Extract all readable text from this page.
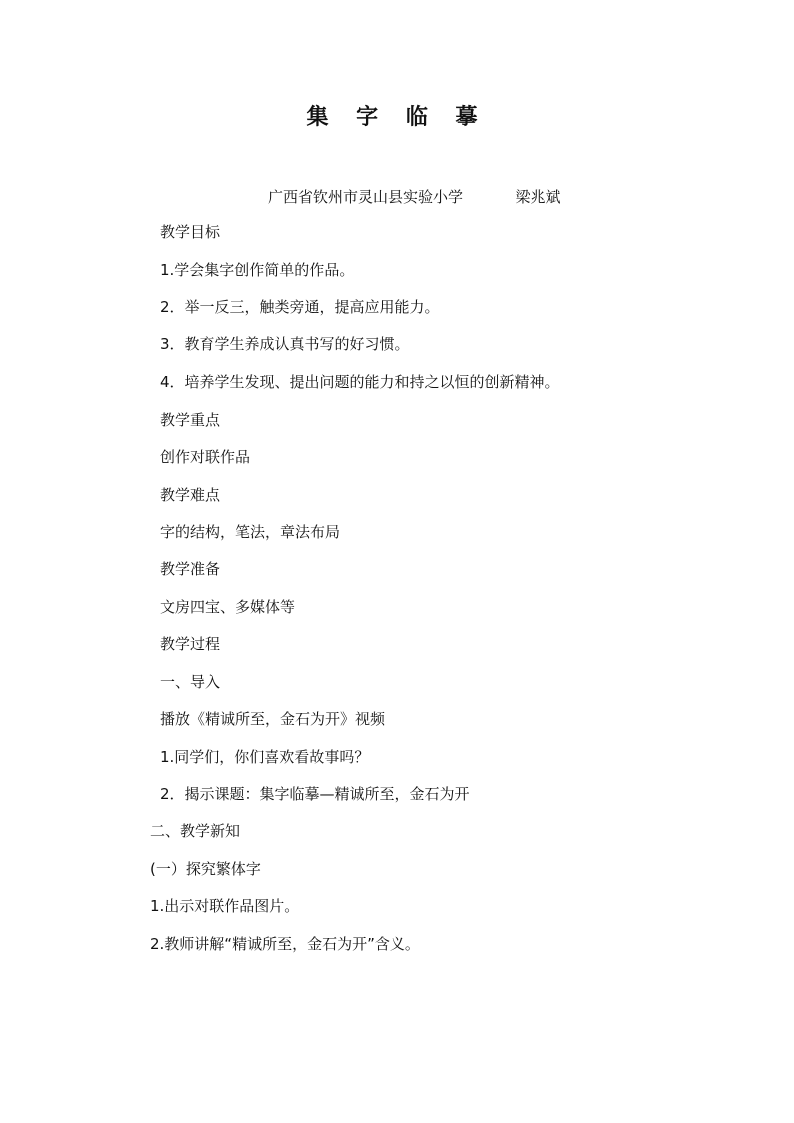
集 字 临 摹
广西省钦州市灵山县实验小学           梁兆斌
教学目标
1.学会集字创作简单的作品。
2．举一反三，触类旁通，提高应用能力。
3．教育学生养成认真书写的好习惯。
4．培养学生发现、提出问题的能力和持之以恒的创新精神。
教学重点
创作对联作品
教学难点
字的结构，笔法，章法布局
教学准备
文房四宝、多媒体等
教学过程
一、导入
播放《精诚所至，金石为开》视频
1.同学们，你们喜欢看故事吗？
2．揭示课题：集字临摹—精诚所至，金石为开
二、教学新知
(一）探究繁体字
1.出示对联作品图片。
2.教师讲解“精诚所至，金石为开”含义。
